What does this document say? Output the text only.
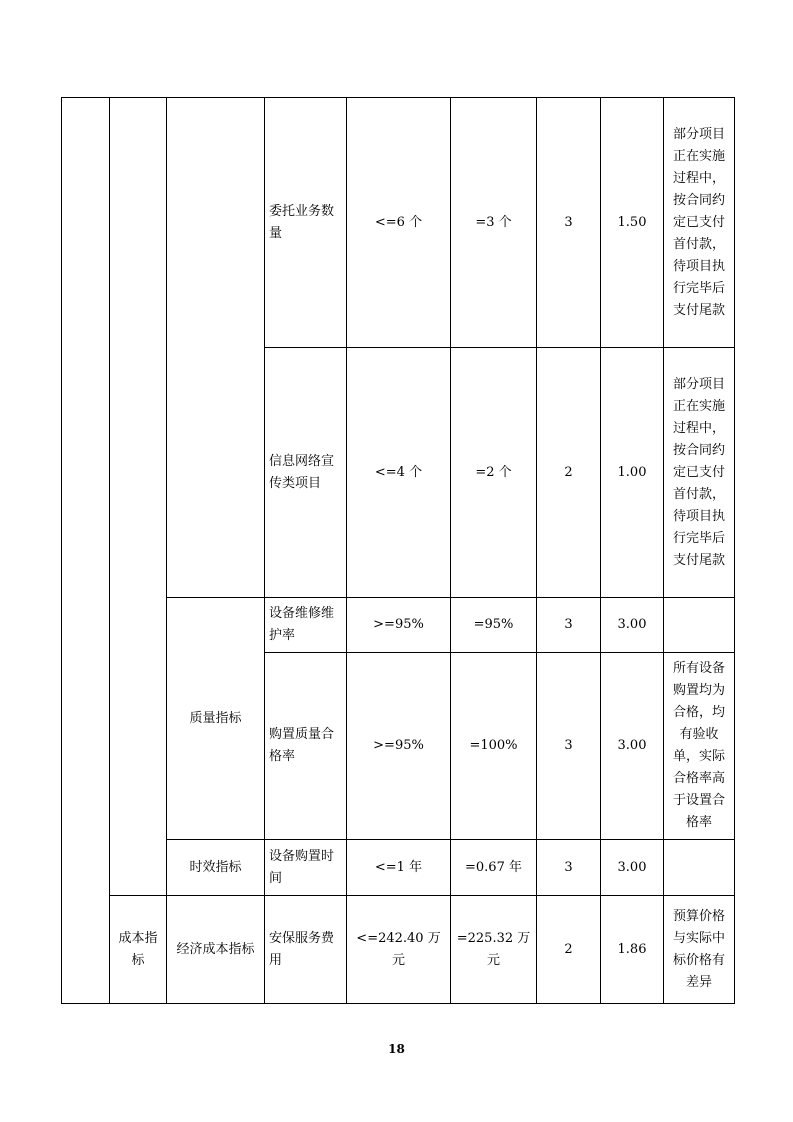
			委托业务数量	<=6 个	=3 个	3	1.50	部分项目正在实施过程中，按合同约定已支付首付款，待项目执行完毕后支付尾款
			信息网络宣传类项目	<=4 个	=2 个	2	1.00	部分项目正在实施过程中，按合同约定已支付首付款，待项目执行完毕后支付尾款
		质量指标	设备维修维护率	>=95%	=95%	3	3.00	
			购置质量合格率	>=95%	=100%	3	3.00	所有设备购置均为合格，均有验收单，实际合格率高于设置合格率
		时效指标	设备购置时间	<=1 年	=0.67 年	3	3.00	
	成本指标	经济成本指标	安保服务费用	<=242.40 万元	=225.32 万元	2	1.86	预算价格与实际中标价格有差异
18
